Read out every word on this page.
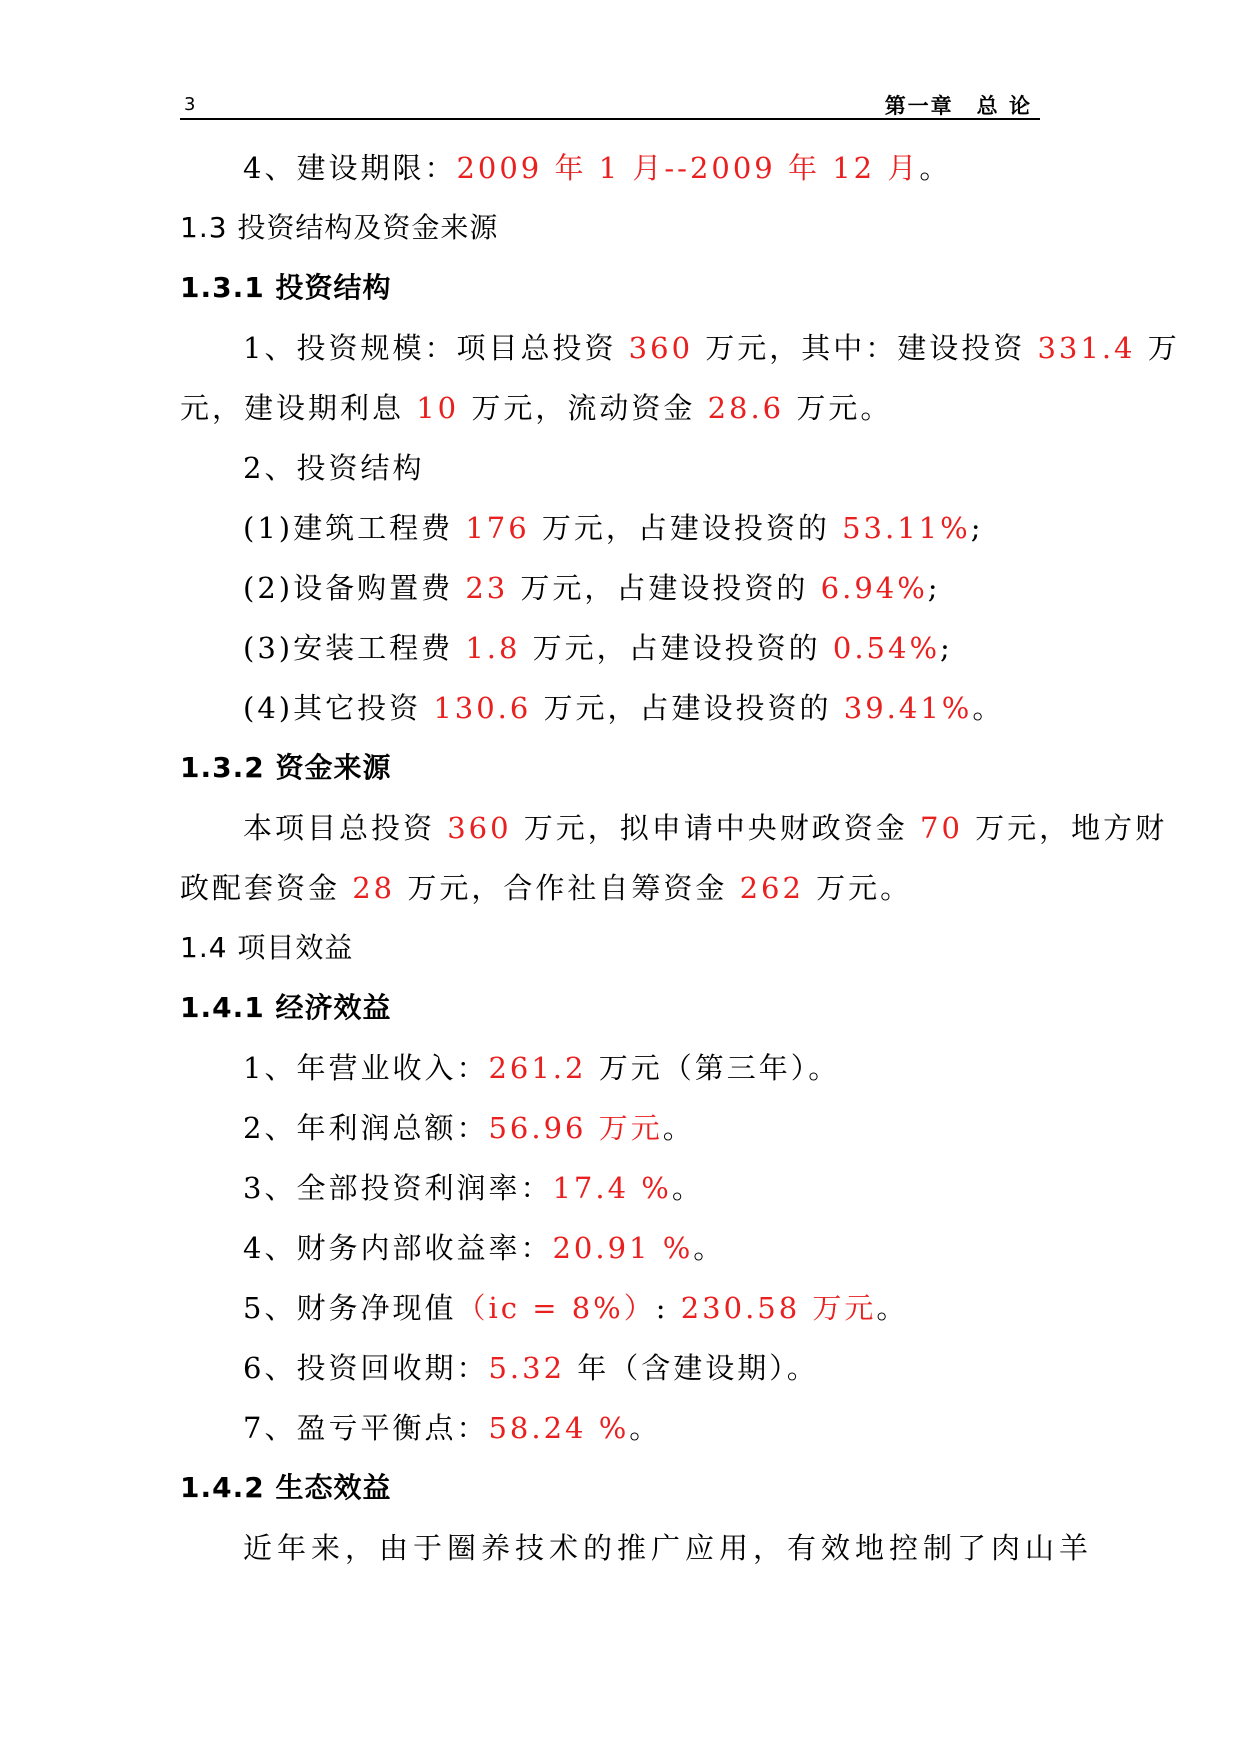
3	第一章　总 论
4、建设期限：2009 年 1 月--2009 年 12 月。
1.3 投资结构及资金来源
1.3.1 投资结构
1、投资规模：项目总投资 360 万元，其中：建设投资 331.4 万
元，建设期利息 10 万元，流动资金 28.6 万元。
2、投资结构
(1)建筑工程费 176 万元，占建设投资的 53.11%;
(2)设备购置费 23 万元，占建设投资的 6.94%;
(3)安装工程费 1.8 万元，占建设投资的 0.54%;
(4)其它投资 130.6 万元，占建设投资的 39.41%。
1.3.2 资金来源
本项目总投资 360 万元，拟申请中央财政资金 70 万元，地方财
政配套资金 28 万元，合作社自筹资金 262 万元。
1.4 项目效益
1.4.1 经济效益
1、年营业收入：261.2 万元（第三年）。
2、年利润总额：56.96 万元。
3、全部投资利润率：17.4 %。
4、财务内部收益率：20.91 %。
5、财务净现值（ic = 8%）: 230.58 万元。
6、投资回收期：5.32 年（含建设期）。
7、盈亏平衡点：58.24 %。
1.4.2 生态效益
近年来，由于圈养技术的推广应用，有效地控制了肉山羊
